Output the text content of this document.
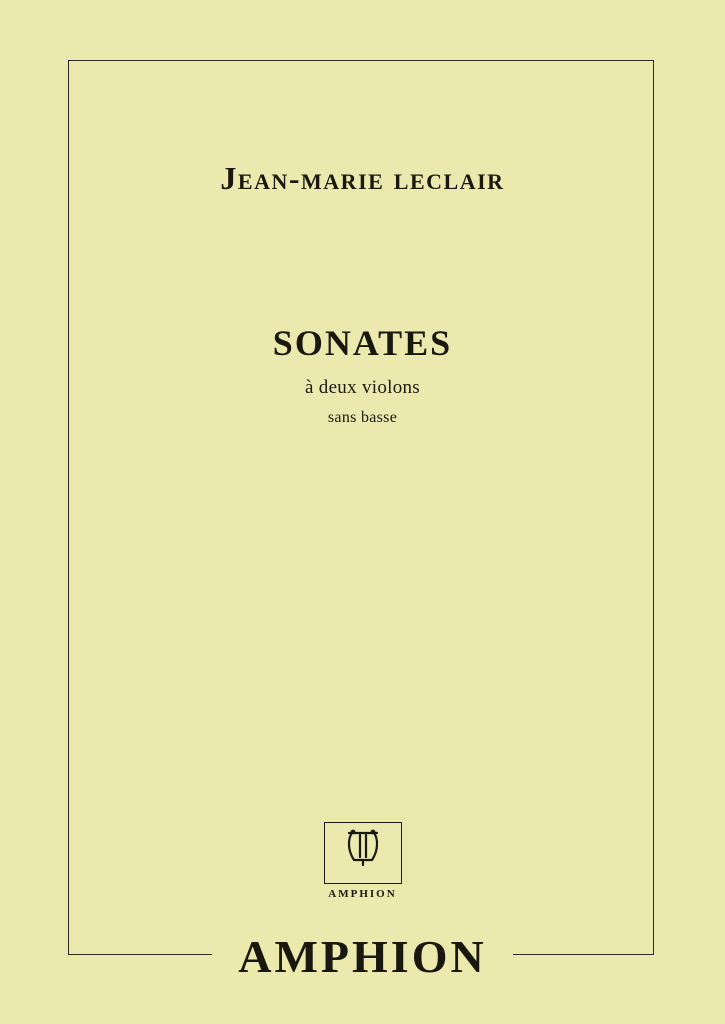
Jean-marie leclair
SONATES
à deux violons
sans basse
AMPHION
AMPHION
